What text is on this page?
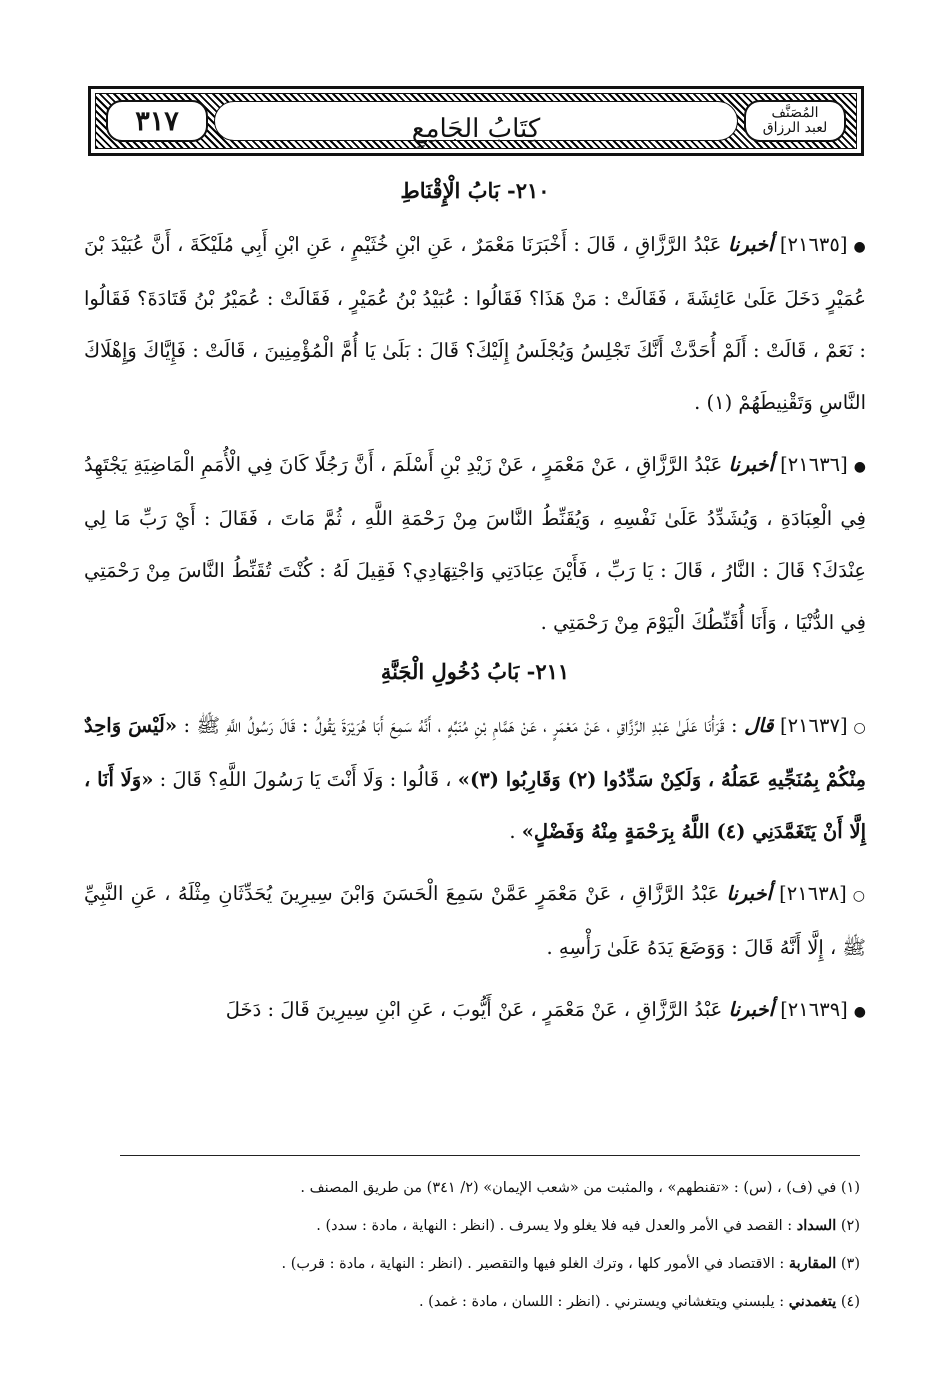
٣١٧	كِتَابُ الجَامِعِ
المُصَنَّف
لعبد الرزاق
٢١٠- بَابُ الْإِقْنَاطِ

●[٢١٦٣٥] أخبرنا عَبْدُ الرَّزَّاقِ ، قَالَ : أَخْبَرَنَا مَعْمَرٌ ، عَنِ ابْنِ خُثَيْمٍ ، عَنِ ابْنِ أَبِي مُلَيْكَةَ ، أَنَّ عُبَيْدَ بْنَ عُمَيْرٍ دَخَلَ عَلَىٰ عَائِشَةَ ، فَقَالَتْ : مَنْ هَذَا؟ فَقَالُوا : عُبَيْدُ بْنُ عُمَيْرٍ ، فَقَالَتْ : عُمَيْرُ بْنُ قَتَادَةَ؟ فَقَالُوا : نَعَمْ ، قَالَتْ : أَلَمْ أُحَدَّثْ أَنَّكَ تَجْلِسُ وَيُجْلَسُ إِلَيْكَ؟ قَالَ : بَلَىٰ يَا أُمَّ الْمُؤْمِنِينَ ، قَالَتْ : فَإِيَّاكَ وَإِهْلَاكَ النَّاسِ وَتَقْنِيطَهُمْ (١) .

●[٢١٦٣٦] أخبرنا عَبْدُ الرَّزَّاقِ ، عَنْ مَعْمَرٍ ، عَنْ زَيْدِ بْنِ أَسْلَمَ ، أَنَّ رَجُلًا كَانَ فِي الْأُمَمِ الْمَاضِيَةِ يَجْتَهِدُ فِي الْعِبَادَةِ ، وَيُشَدِّدُ عَلَىٰ نَفْسِهِ ، وَيُقَنِّطُ النَّاسَ مِنْ رَحْمَةِ اللَّهِ ، ثُمَّ مَاتَ ، فَقَالَ : أَيْ رَبِّ مَا لِي عِنْدَكَ؟ قَالَ : النَّارُ ، قَالَ : يَا رَبِّ ، فَأَيْنَ عِبَادَتِي وَاجْتِهَادِي؟ فَقِيلَ لَهُ : كُنْتَ تُقَنِّطُ النَّاسَ مِنْ رَحْمَتِي فِي الدُّنْيَا ، وَأَنَا أُقَنِّطُكَ الْيَوْمَ مِنْ رَحْمَتِي .

٢١١- بَابُ دُخُولِ الْجَنَّةِ

○[٢١٦٣٧] قال : قَرَأْنَا عَلَىٰ عَبْدِ الرَّزَّاقِ ، عَنْ مَعْمَرٍ ، عَنْ هَمَّامِ بْنِ مُنَبِّهٍ ، أَنَّهُ سَمِعَ أَبَا هُرَيْرَةَ يَقُولُ : قَالَ رَسُولُ اللَّهِ ﷺ : «لَيْسَ وَاحِدٌ مِنْكُمْ بِمُنَجِّيهِ عَمَلُهُ ، وَلَكِنْ سَدِّدُوا (٢) وَقَارِبُوا (٣)» ، قَالُوا : وَلَا أَنْتَ يَا رَسُولَ اللَّهِ؟ قَالَ : «وَلَا أَنَا ، إِلَّا أَنْ يَتَغَمَّدَنِي (٤) اللَّهُ بِرَحْمَةٍ مِنْهُ وَفَضْلٍ» .

○[٢١٦٣٨] أخبرنا عَبْدُ الرَّزَّاقِ ، عَنْ مَعْمَرٍ عَمَّنْ سَمِعَ الْحَسَنَ وَابْنَ سِيرِينَ يُحَدِّثَانِ مِثْلَهُ ، عَنِ النَّبِيِّ ﷺ ، إِلَّا أَنَّهُ قَالَ : وَوَضَعَ يَدَهُ عَلَىٰ رَأْسِهِ .

●[٢١٦٣٩] أخبرنا عَبْدُ الرَّزَّاقِ ، عَنْ مَعْمَرٍ ، عَنْ أَيُّوبَ ، عَنِ ابْنِ سِيرِينَ قَالَ : دَخَلَ

(١) في (ف) ، (س) : «تقنطهم» ، والمثبت من «شعب الإيمان» (٢/ ٣٤١) من طريق المصنف .

(٢) السداد : القصد في الأمر والعدل فيه فلا يغلو ولا يسرف . (انظر : النهاية ، مادة : سدد) .

(٣) المقاربة : الاقتصاد في الأمور كلها ، وترك الغلو فيها والتقصير . (انظر : النهاية ، مادة : قرب) .

(٤) يتغمدني : يلبسني ويتغشاني ويسترني . (انظر : اللسان ، مادة : غمد) .
